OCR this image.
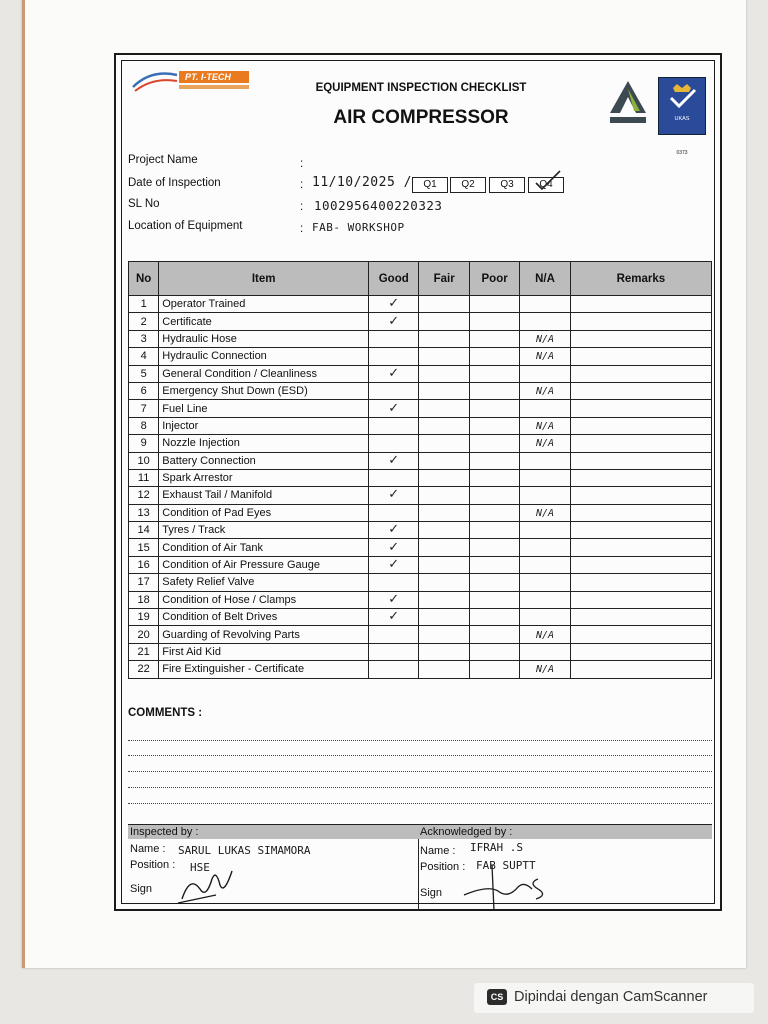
PT. I-TECH
EQUIPMENT INSPECTION CHECKLIST
AIR COMPRESSOR	KAN
UKAS
0373
Project Name	:
Date of Inspection	: 11/10/2025 /	Q1	Q2	Q3	Q4
SL No	: 1002956400220323
Location of Equipment	: FAB- WORKSHOP
No	Item	Good	Fair	Poor	N/A	Remarks
1	Operator Trained	✓				
2	Certificate	✓				
3	Hydraulic Hose				N/A	
4	Hydraulic Connection				N/A	
5	General Condition / Cleanliness	✓				
6	Emergency Shut Down (ESD)				N/A	
7	Fuel Line	✓				
8	Injector				N/A	
9	Nozzle Injection				N/A	
10	Battery Connection	✓				
11	Spark Arrestor					
12	Exhaust Tail / Manifold	✓				
13	Condition of Pad Eyes				N/A	
14	Tyres / Track	✓				
15	Condition of Air Tank	✓				
16	Condition of Air Pressure Gauge	✓				
17	Safety Relief Valve					
18	Condition of Hose / Clamps	✓				
19	Condition of Belt Drives	✓				
20	Guarding of Revolving Parts				N/A	
21	First Aid Kid					
22	Fire Extinguisher - Certificate				N/A	
COMMENTS :
Inspected by :
Name : SARUL LUKAS SIMAMORA
Position : HSE
Sign
Acknowledged by :
Name : IFRAH .S
Position : FAB SUPTT
Sign
CS Dipindai dengan CamScanner
